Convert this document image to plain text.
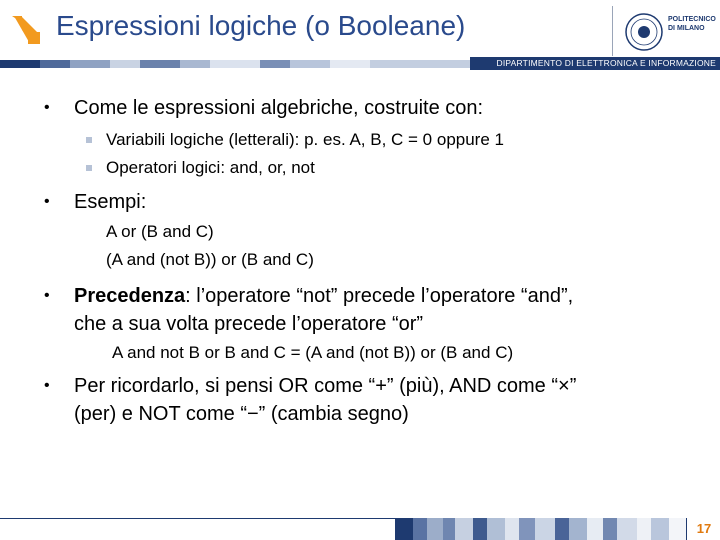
Espressioni logiche (o Booleane)	POLITECNICO
DI MILANO
DIPARTIMENTO DI ELETTRONICA E INFORMAZIONE
• Come le espressioni algebriche, costruite con:
Variabili logiche (letterali): p. es. A, B, C = 0 oppure 1
Operatori logici: and, or, not
• Esempi:
A or (B and C)
(A and (not B)) or (B and C)
• Precedenza: l’operatore “not” precede l’operatore “and”,
che a sua volta precede l’operatore “or”
A and not B or B and C = (A and (not B)) or (B and C)
• Per ricordarlo, si pensi OR come “+” (più), AND come “×”
(per) e NOT come “−” (cambia segno)
17
